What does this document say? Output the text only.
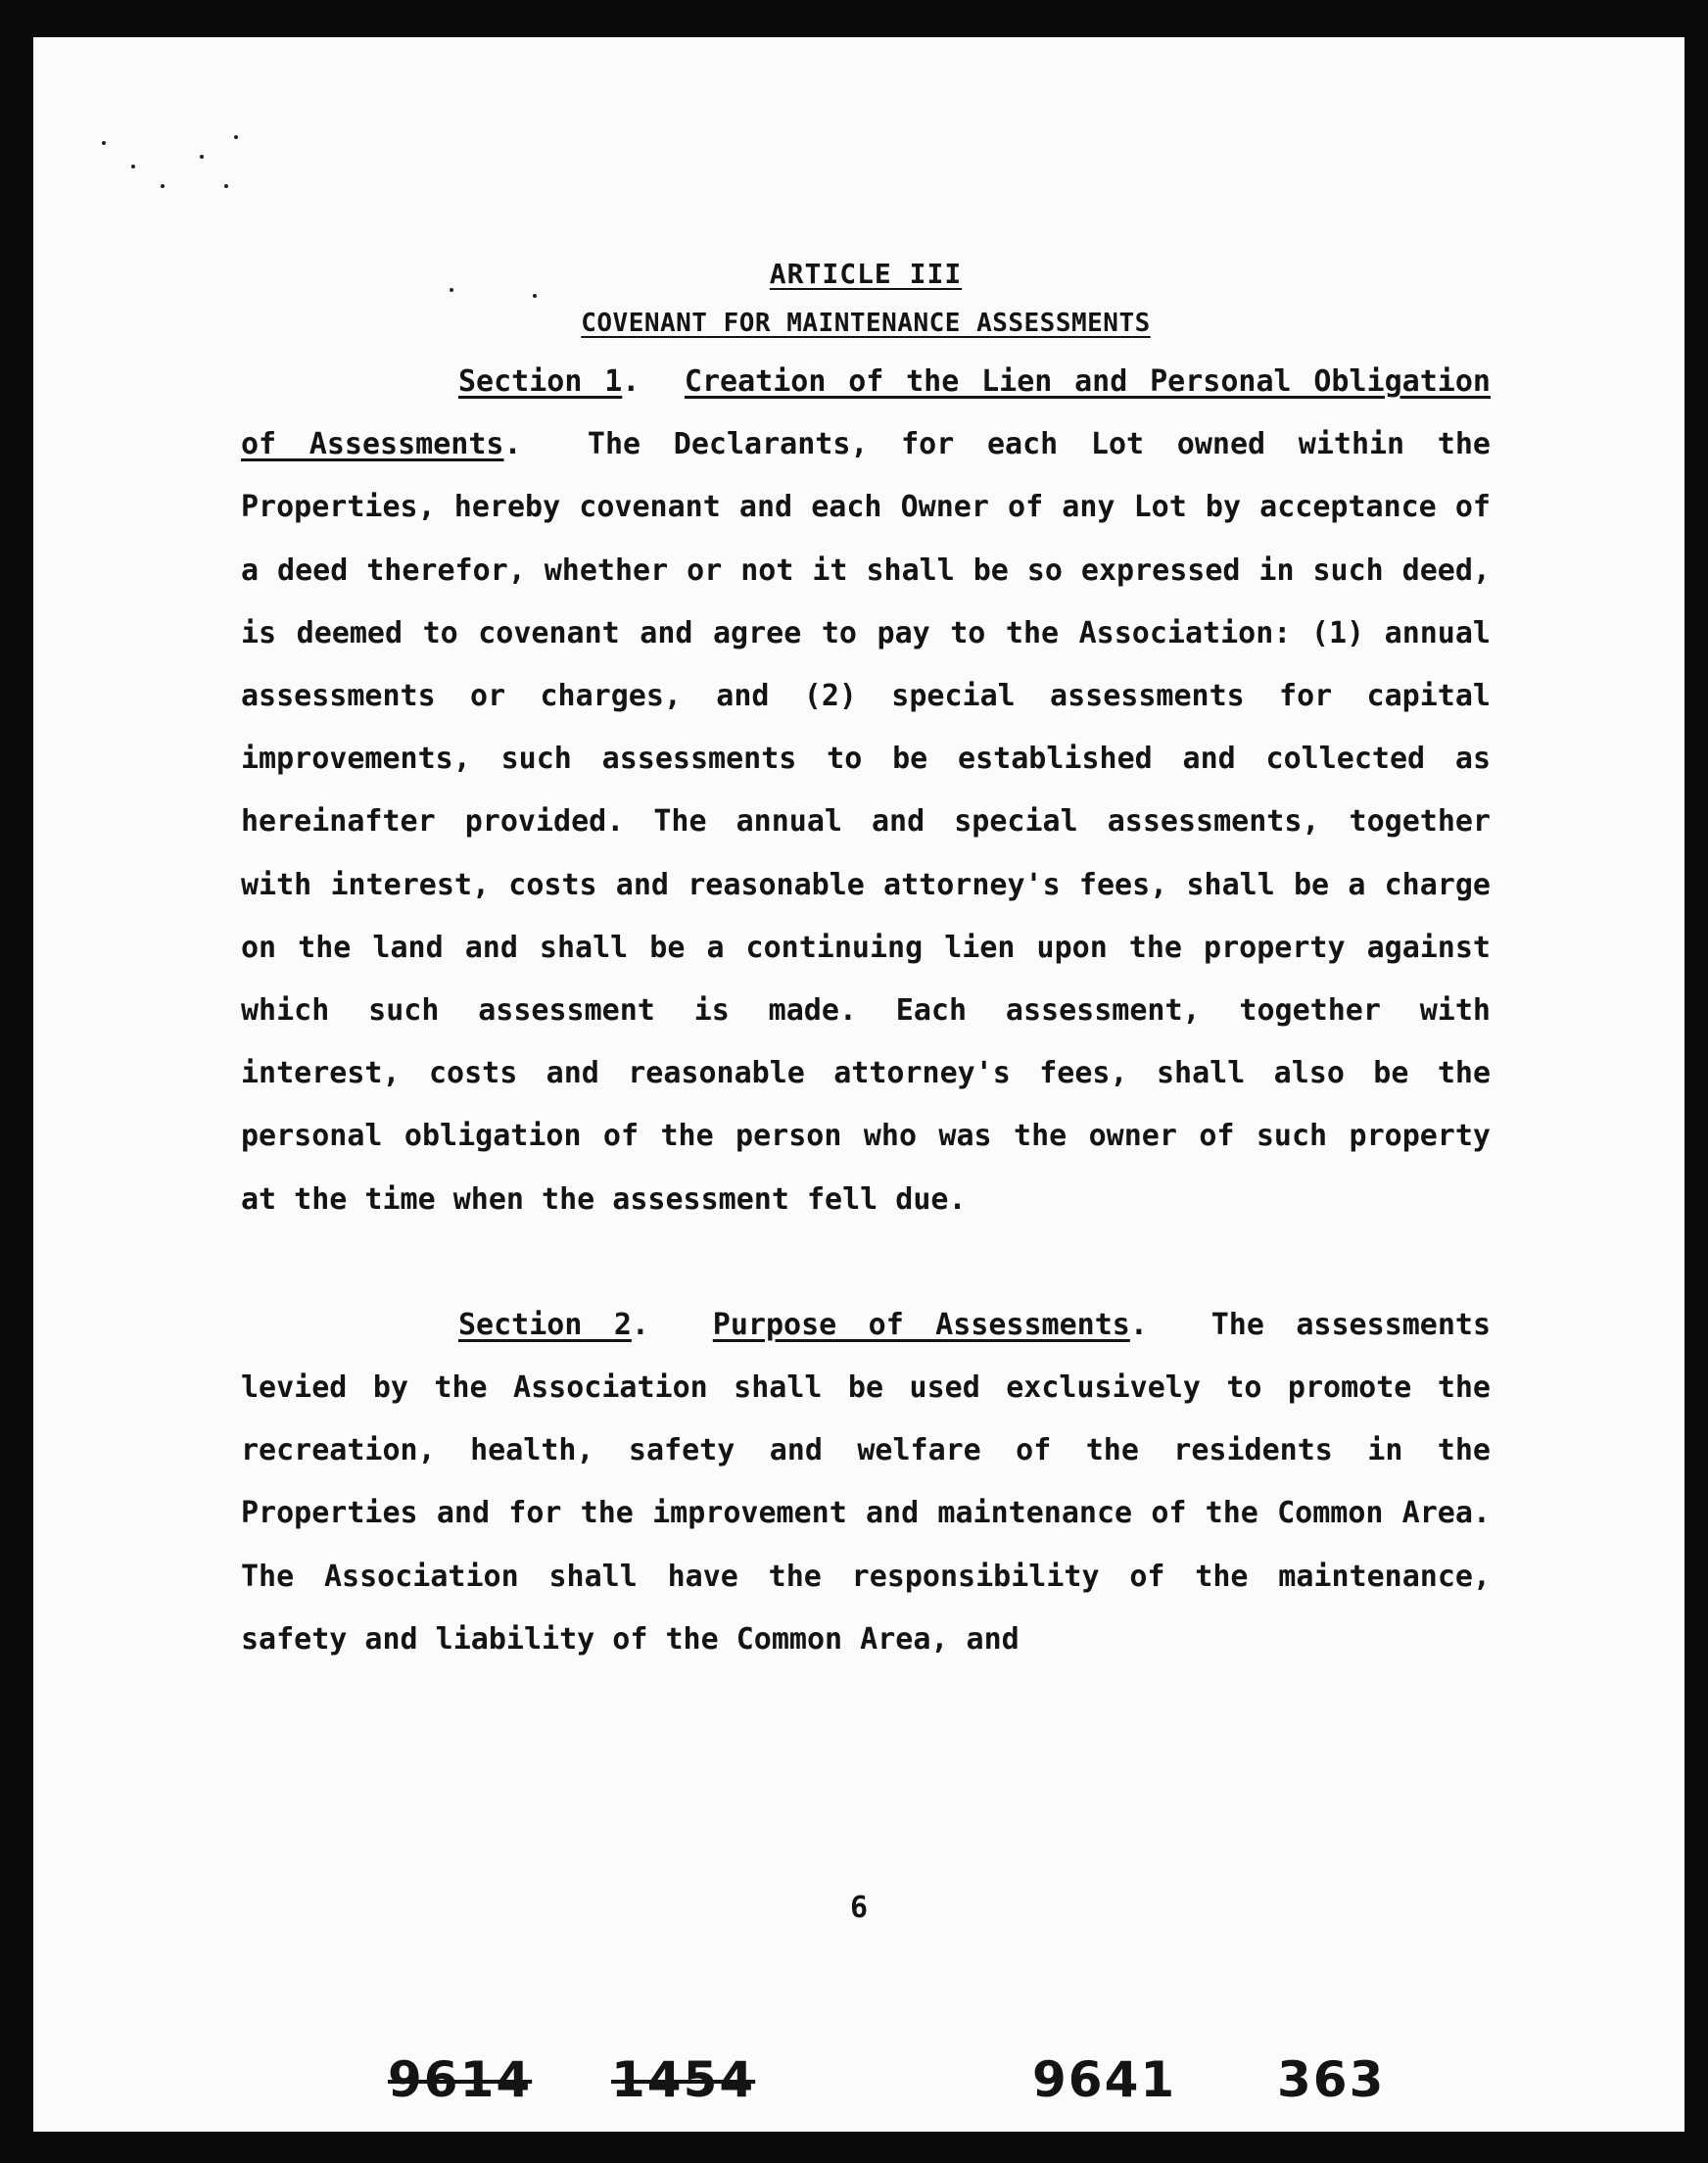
ARTICLE III

COVENANT FOR MAINTENANCE ASSESSMENTS

Section 1.  Creation of the Lien and Personal Obligation of Assessments.  The Declarants, for each Lot owned within the Properties, hereby covenant and each Owner of any Lot by acceptance of a deed therefor, whether or not it shall be so expressed in such deed, is deemed to covenant and agree to pay to the Association: (1) annual assessments or charges, and (2) special assessments for capital improvements, such assessments to be established and collected as hereinafter provided. The annual and special assessments, together with interest, costs and reasonable attorney's fees, shall be a charge on the land and shall be a continuing lien upon the property against which such assessment is made. Each assessment, together with interest, costs and reasonable attorney's fees, shall also be the personal obligation of the person who was the owner of such property at the time when the assessment fell due.

Section 2.  Purpose of Assessments.  The assessments levied by the Association shall be used exclusively to promote the recreation, health, safety and welfare of the residents in the Properties and for the improvement and maintenance of the Common Area. The Association shall have the responsibility of the maintenance, safety and liability of the Common Area, and

6
9614 1454	9641 363
